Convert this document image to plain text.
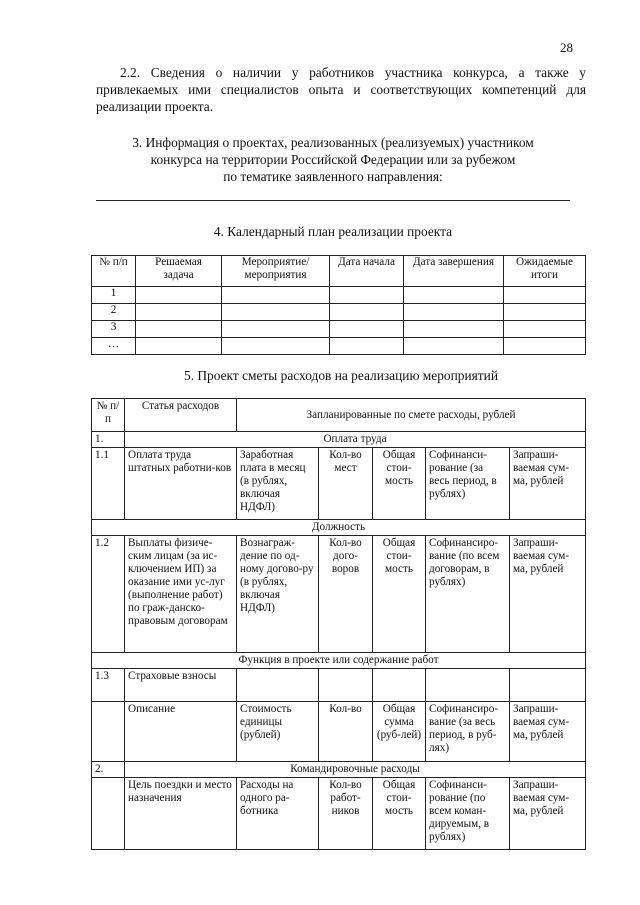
28
2.2. Сведения о наличии у работников участника конкурса, а также у привлекаемых ими специалистов опыта и соответствующих компетенций для реализации проекта.
3. Информация о проектах, реализованных (реализуемых) участником
конкурса на территории Российской Федерации или за рубежом
по тематике заявленного направления:
4. Календарный план реализации проекта
№ п/п	Решаемая задача	Мероприятие/ мероприятия	Дата начала	Дата завершения	Ожидаемые итоги
1					
2					
3					
…					
5. Проект сметы расходов на реализацию мероприятий
№ п/п	Статья расходов	Запланированные по смете расходы, рублей				
1.	Оплата труда					
1.1	Оплата труда штатных работни-ков	Заработная плата в месяц (в рублях, включая НДФЛ)	Кол-во мест	Общая стои-мость	Софинанси-рование (за весь период, в рублях)	Запраши-ваемая сум-ма, рублей
Должность						
1.2	Выплаты физиче-ским лицам (за ис-ключением ИП) за оказание ими ус-луг (выполнение работ) по граж-данско-правовым договорам	Вознаграж-дение по од-ному догово-ру (в рублях, включая НДФЛ)	Кол-во дого-воров	Общая стои-мость	Софинансиро-вание (по всем договорам, в рублях)	Запраши-ваемая сум-ма, рублей
Функция в проекте или содержание работ						
1.3	Страховые взносы					
	Описание	Стоимость единицы (рублей)	Кол-во	Общая сумма (руб-лей)	Софинансиро-вание (за весь период, в руб-лях)	Запраши-ваемая сум-ма, рублей
2.	Командировочные расходы					
	Цель поездки и место назначения	Расходы на одного ра-ботника	Кол-во работ-ников	Общая стои-мость	Софинанси-рование (по всем коман-дируемым, в рублях)	Запраши-ваемая сум-ма, рублей
